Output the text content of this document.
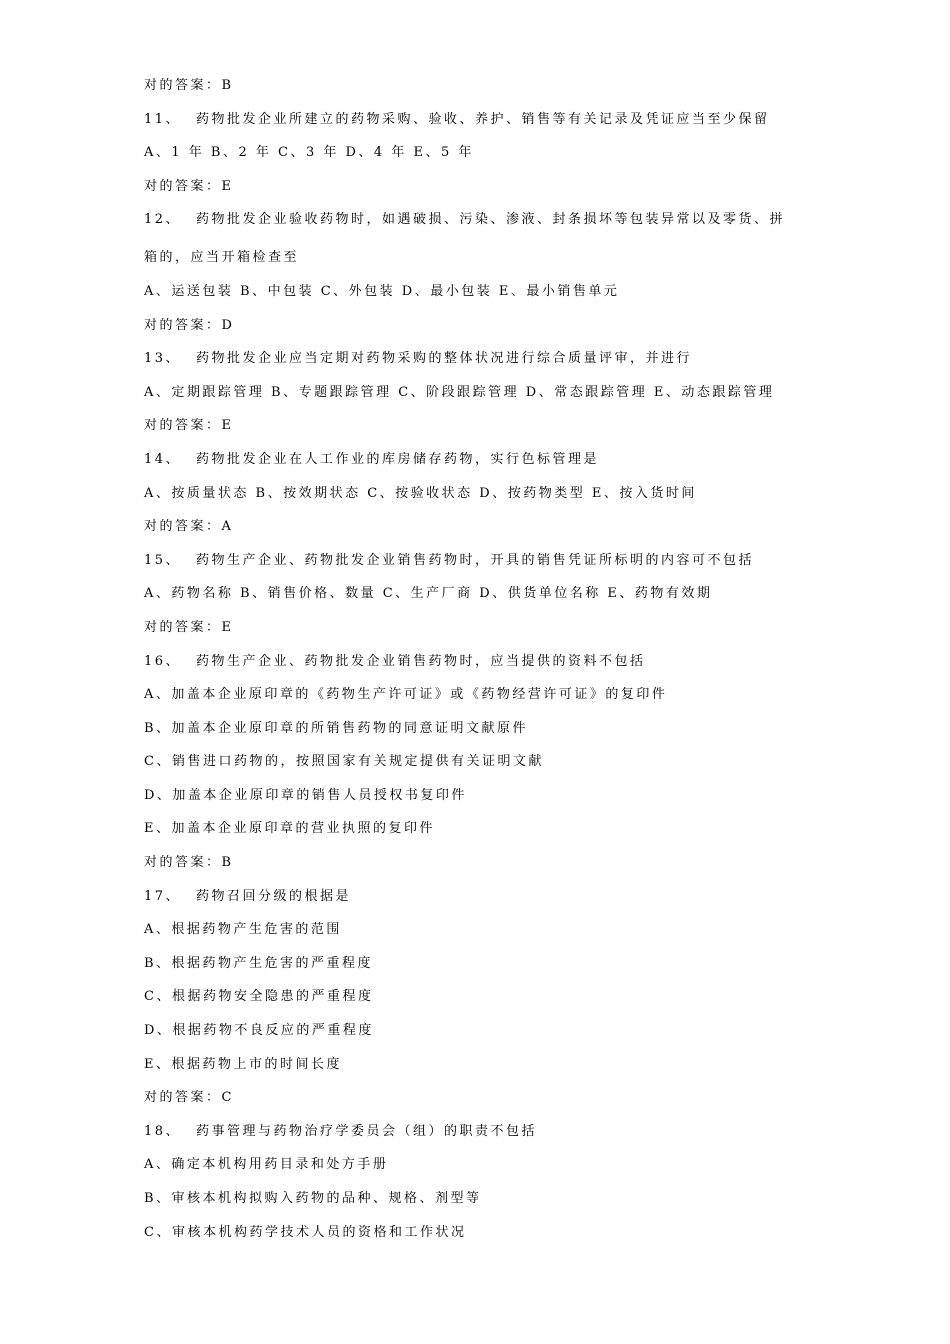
对的答案：B
11、 药物批发企业所建立的药物采购、验收、养护、销售等有关记录及凭证应当至少保留
A、1 年 B、2 年 C、3 年 D、4 年 E、5 年
对的答案：E
12、 药物批发企业验收药物时，如遇破损、污染、渗液、封条损坏等包装异常以及零货、拼
箱的，应当开箱检查至
A、运送包装 B、中包装 C、外包装 D、最小包装 E、最小销售单元
对的答案：D
13、 药物批发企业应当定期对药物采购的整体状况进行综合质量评审，并进行
A、定期跟踪管理 B、专题跟踪管理 C、阶段跟踪管理 D、常态跟踪管理 E、动态跟踪管理
对的答案：E
14、 药物批发企业在人工作业的库房储存药物，实行色标管理是
A、按质量状态 B、按效期状态 C、按验收状态 D、按药物类型 E、按入货时间
对的答案：A
15、 药物生产企业、药物批发企业销售药物时，开具的销售凭证所标明的内容可不包括
A、药物名称 B、销售价格、数量 C、生产厂商 D、供货单位名称 E、药物有效期
对的答案：E
16、 药物生产企业、药物批发企业销售药物时，应当提供的资料不包括
A、加盖本企业原印章的《药物生产许可证》或《药物经营许可证》的复印件
B、加盖本企业原印章的所销售药物的同意证明文献原件
C、销售进口药物的，按照国家有关规定提供有关证明文献
D、加盖本企业原印章的销售人员授权书复印件
E、加盖本企业原印章的营业执照的复印件
对的答案：B
17、 药物召回分级的根据是
A、根据药物产生危害的范围
B、根据药物产生危害的严重程度
C、根据药物安全隐患的严重程度
D、根据药物不良反应的严重程度
E、根据药物上市的时间长度
对的答案：C
18、 药事管理与药物治疗学委员会（组）的职责不包括
A、确定本机构用药目录和处方手册
B、审核本机构拟购入药物的品种、规格、剂型等
C、审核本机构药学技术人员的资格和工作状况
